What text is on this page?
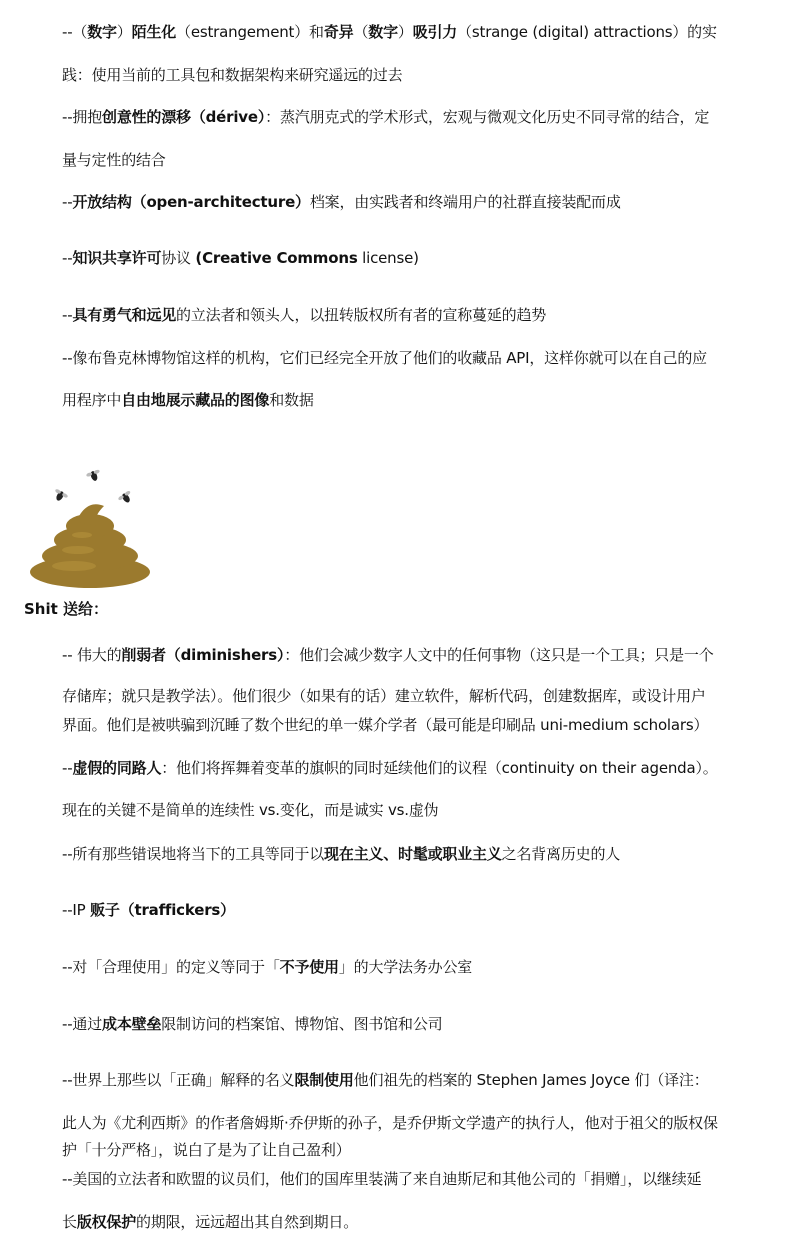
--（数字）陌生化（estrangement）和奇异（数字）吸引力（strange (digital) attractions）的实
践：使用当前的工具包和数据架构来研究遥远的过去
--拥抱创意性的漂移（dérive）：蒸汽朋克式的学术形式，宏观与微观文化历史不同寻常的结合，定
量与定性的结合
--开放结构（open-architecture）档案，由实践者和终端用户的社群直接装配而成
--知识共享许可协议 (Creative Commons license)
--具有勇气和远见的立法者和领头人，以扭转版权所有者的宣称蔓延的趋势
--像布鲁克林博物馆这样的机构，它们已经完全开放了他们的收藏品 API，这样你就可以在自己的应
用程序中自由地展示藏品的图像和数据
Shit 送给：
-- 伟大的削弱者（diminishers）：他们会减少数字人文中的任何事物（这只是一个工具；只是一个
存储库；就只是教学法）。他们很少（如果有的话）建立软件，解析代码，创建数据库，或设计用户
界面。他们是被哄骗到沉睡了数个世纪的单一媒介学者（最可能是印刷品 uni-medium scholars）
--虚假的同路人：他们将挥舞着变革的旗帜的同时延续他们的议程（continuity on their agenda）。
现在的关键不是简单的连续性 vs.变化，而是诚实 vs.虚伪
--所有那些错误地将当下的工具等同于以现在主义、时髦或职业主义之名背离历史的人
--IP 贩子（traffickers）
--对「合理使用」的定义等同于「不予使用」的大学法务办公室
--通过成本壁垒限制访问的档案馆、博物馆、图书馆和公司
--世界上那些以「正确」解释的名义限制使用他们祖先的档案的 Stephen James Joyce 们（译注：
此人为《尤利西斯》的作者詹姆斯·乔伊斯的孙子，是乔伊斯文学遗产的执行人，他对于祖父的版权保
护「十分严格」，说白了是为了让自己盈利）
--美国的立法者和欧盟的议员们，他们的国库里装满了来自迪斯尼和其他公司的「捐赠」，以继续延
长版权保护的期限，远远超出其自然到期日。
